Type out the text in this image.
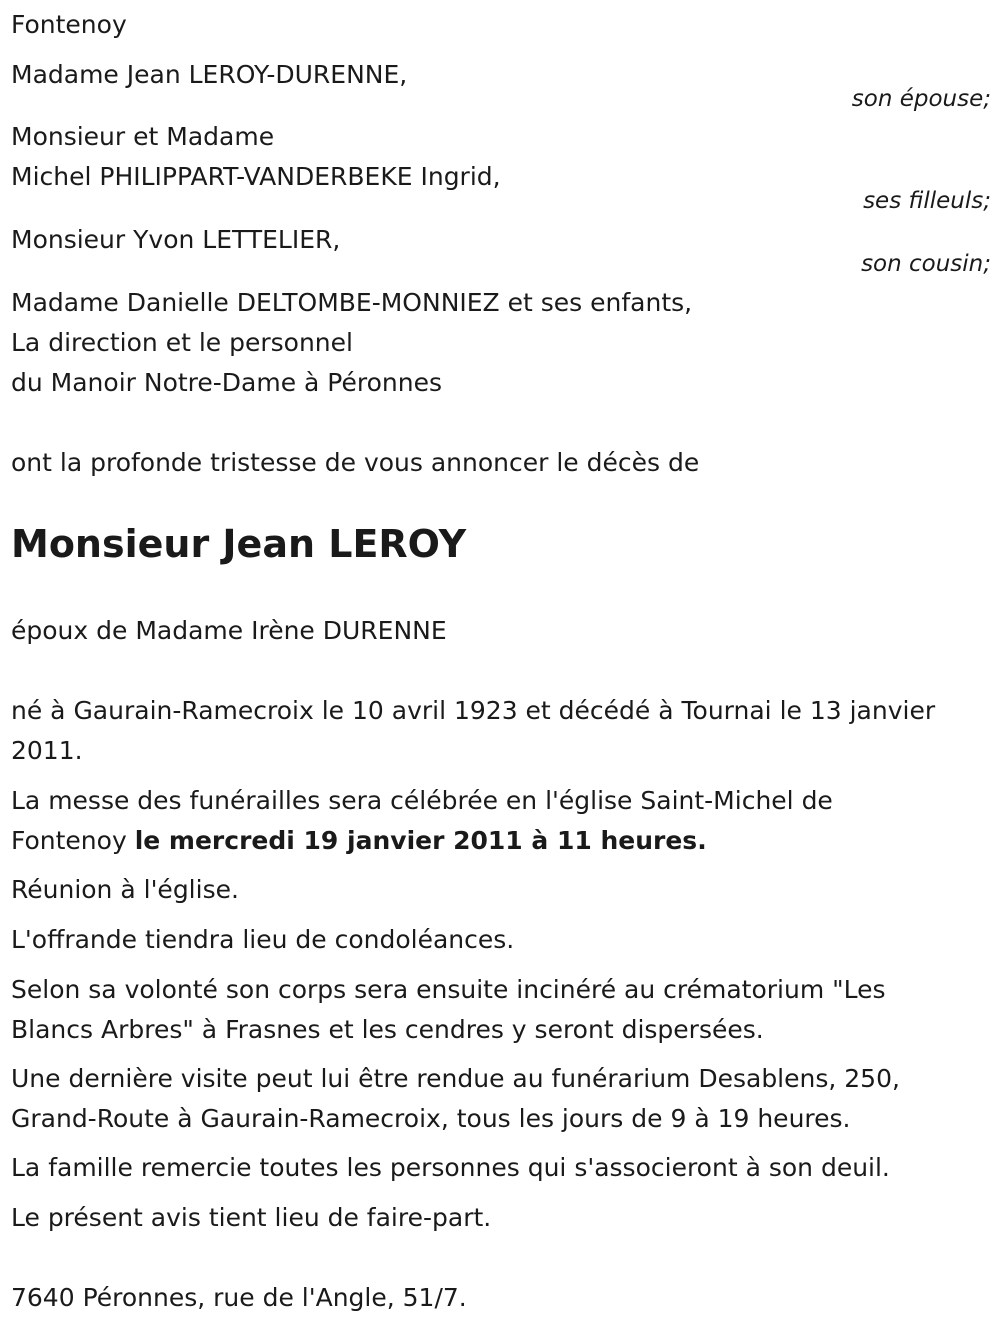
Fontenoy
Madame Jean LEROY-DURENNE,
son épouse;
Monsieur et Madame
Michel PHILIPPART-VANDERBEKE Ingrid,
ses filleuls;
Monsieur Yvon LETTELIER,
son cousin;
Madame Danielle DELTOMBE-MONNIEZ et ses enfants,
La direction et le personnel
du Manoir Notre-Dame à Péronnes
ont la profonde tristesse de vous annoncer le décès de
Monsieur Jean LEROY
époux de Madame Irène DURENNE
né à Gaurain-Ramecroix le 10 avril 1923 et décédé à Tournai le 13 janvier 2011.
La messe des funérailles sera célébrée en l'église Saint-Michel de Fontenoy le mercredi 19 janvier 2011 à 11 heures.
Réunion à l'église.
L'offrande tiendra lieu de condoléances.
Selon sa volonté son corps sera ensuite inciné​ré au crématorium "Les Blancs Arbres" à Frasnes et les cendres y seront dispersées.
Une dernière visite peut lui être rendue au funérarium Desablens, 250, Grand-Route à Gaurain-Ramecroix, tous les jours de 9 à 19 heures.
La famille remercie toutes les personnes qui s'associeront à son deuil.
Le présent avis tient lieu de faire-part.
7640 Péronnes, rue de l'Angle, 51/7.
